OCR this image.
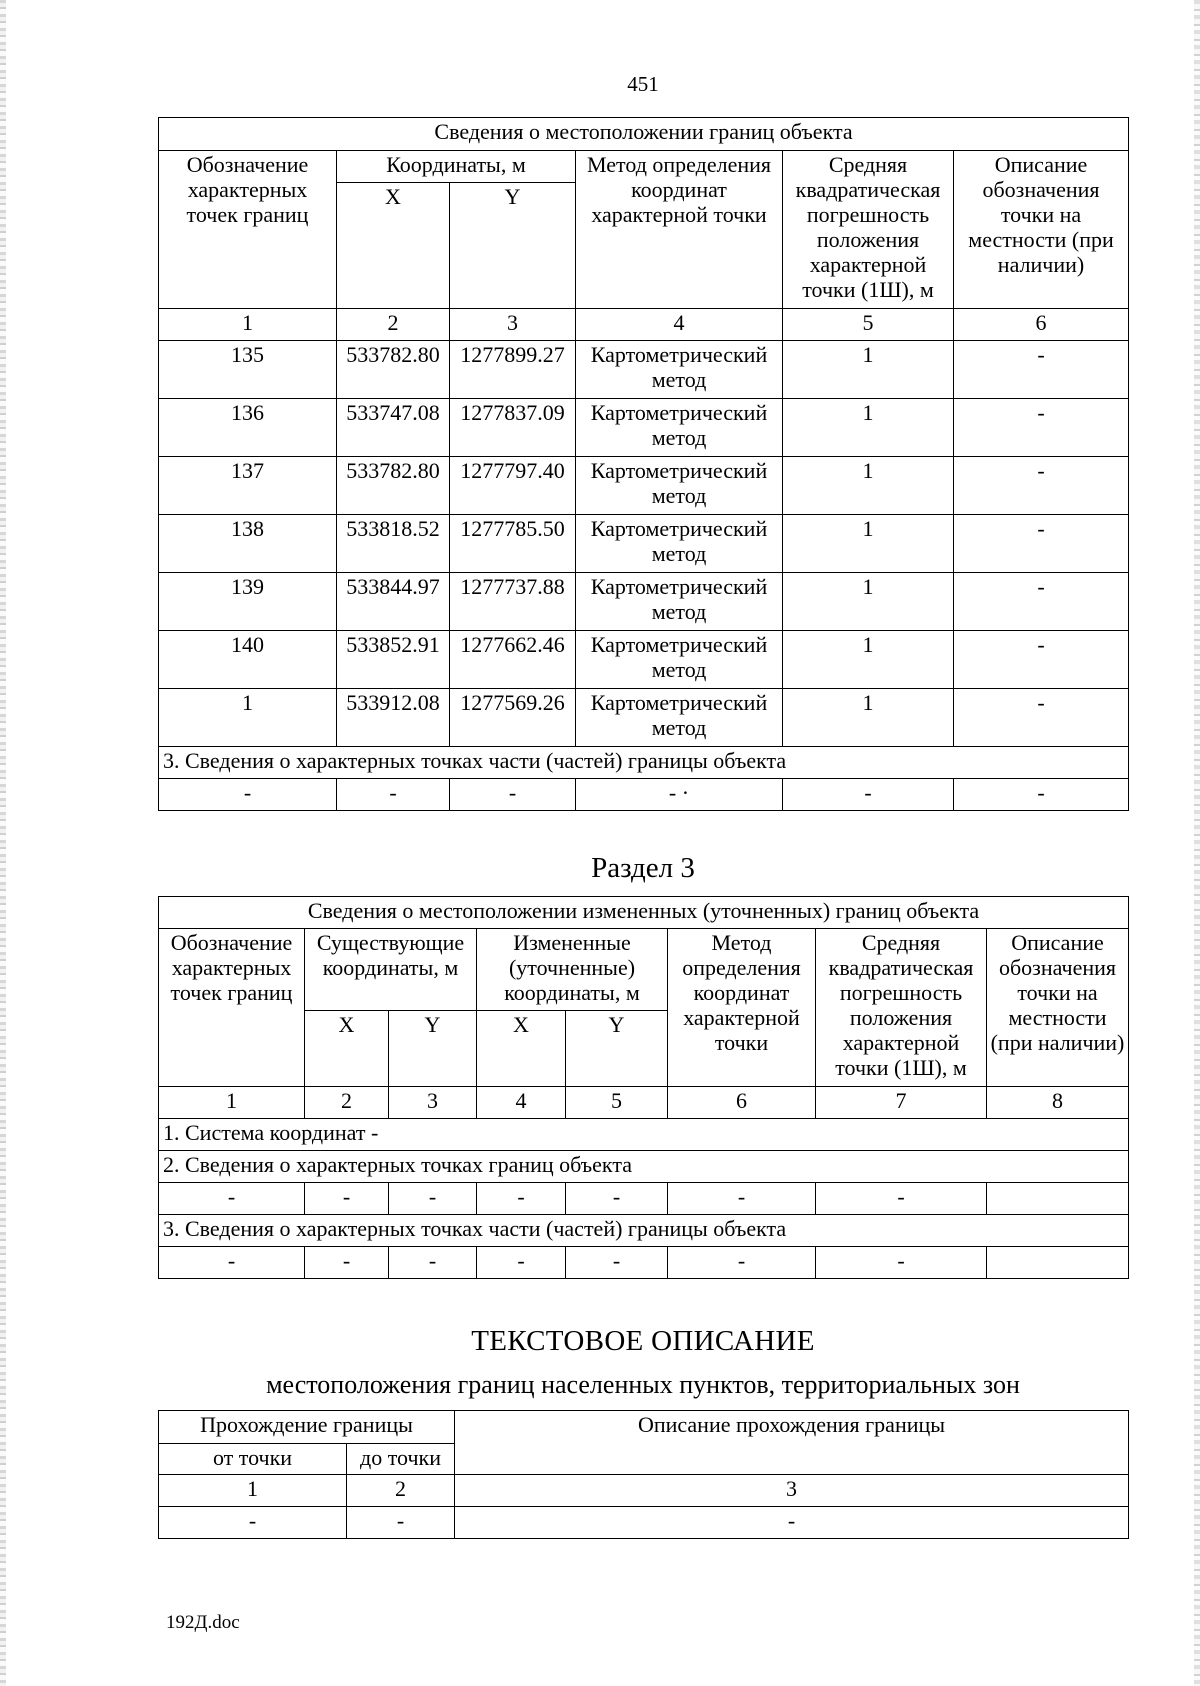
451
Сведения о местоположении границ объекта					
Обозначение характерных точек границ	Координаты, м		Метод определения координат характерной точки	Средняя квадратическая погрешность положения характерной точки (1Ш), м	Описание обозначения точки на местности (при наличии)
	X	Y			
1	2	3	4	5	6
135	533782.80	1277899.27	Картометрический метод	1	-
136	533747.08	1277837.09	Картометрический метод	1	-
137	533782.80	1277797.40	Картометрический метод	1	-
138	533818.52	1277785.50	Картометрический метод	1	-
139	533844.97	1277737.88	Картометрический метод	1	-
140	533852.91	1277662.46	Картометрический метод	1	-
1	533912.08	1277569.26	Картометрический метод	1	-
3. Сведения о характерных точках части (частей) границы объекта					
-	-	-	- ·	-	-
Раздел 3
Сведения о местоположении измененных (уточненных) границ объекта							
Обозначение характерных точек границ	Существующие координаты, м		Измененные (уточненные) координаты, м		Метод определения координат характерной точки	Средняя квадратическая погрешность положения характерной точки (1Ш), м	Описание обозначения точки на местности (при наличии)
	X	Y	X	Y			
1	2	3	4	5	6	7	8
1. Система координат -							
2. Сведения о характерных точках границ объекта							
-	-	-	-	-	-	-	
3. Сведения о характерных точках части (частей) границы объекта							
-	-	-	-	-	-	-	
ТЕКСТОВОЕ ОПИСАНИЕ
местоположения границ населенных пунктов, территориальных зон
Прохождение границы		Описание прохождения границы
от точки	до точки	
1	2	3
-	-	-
192Д.doc
